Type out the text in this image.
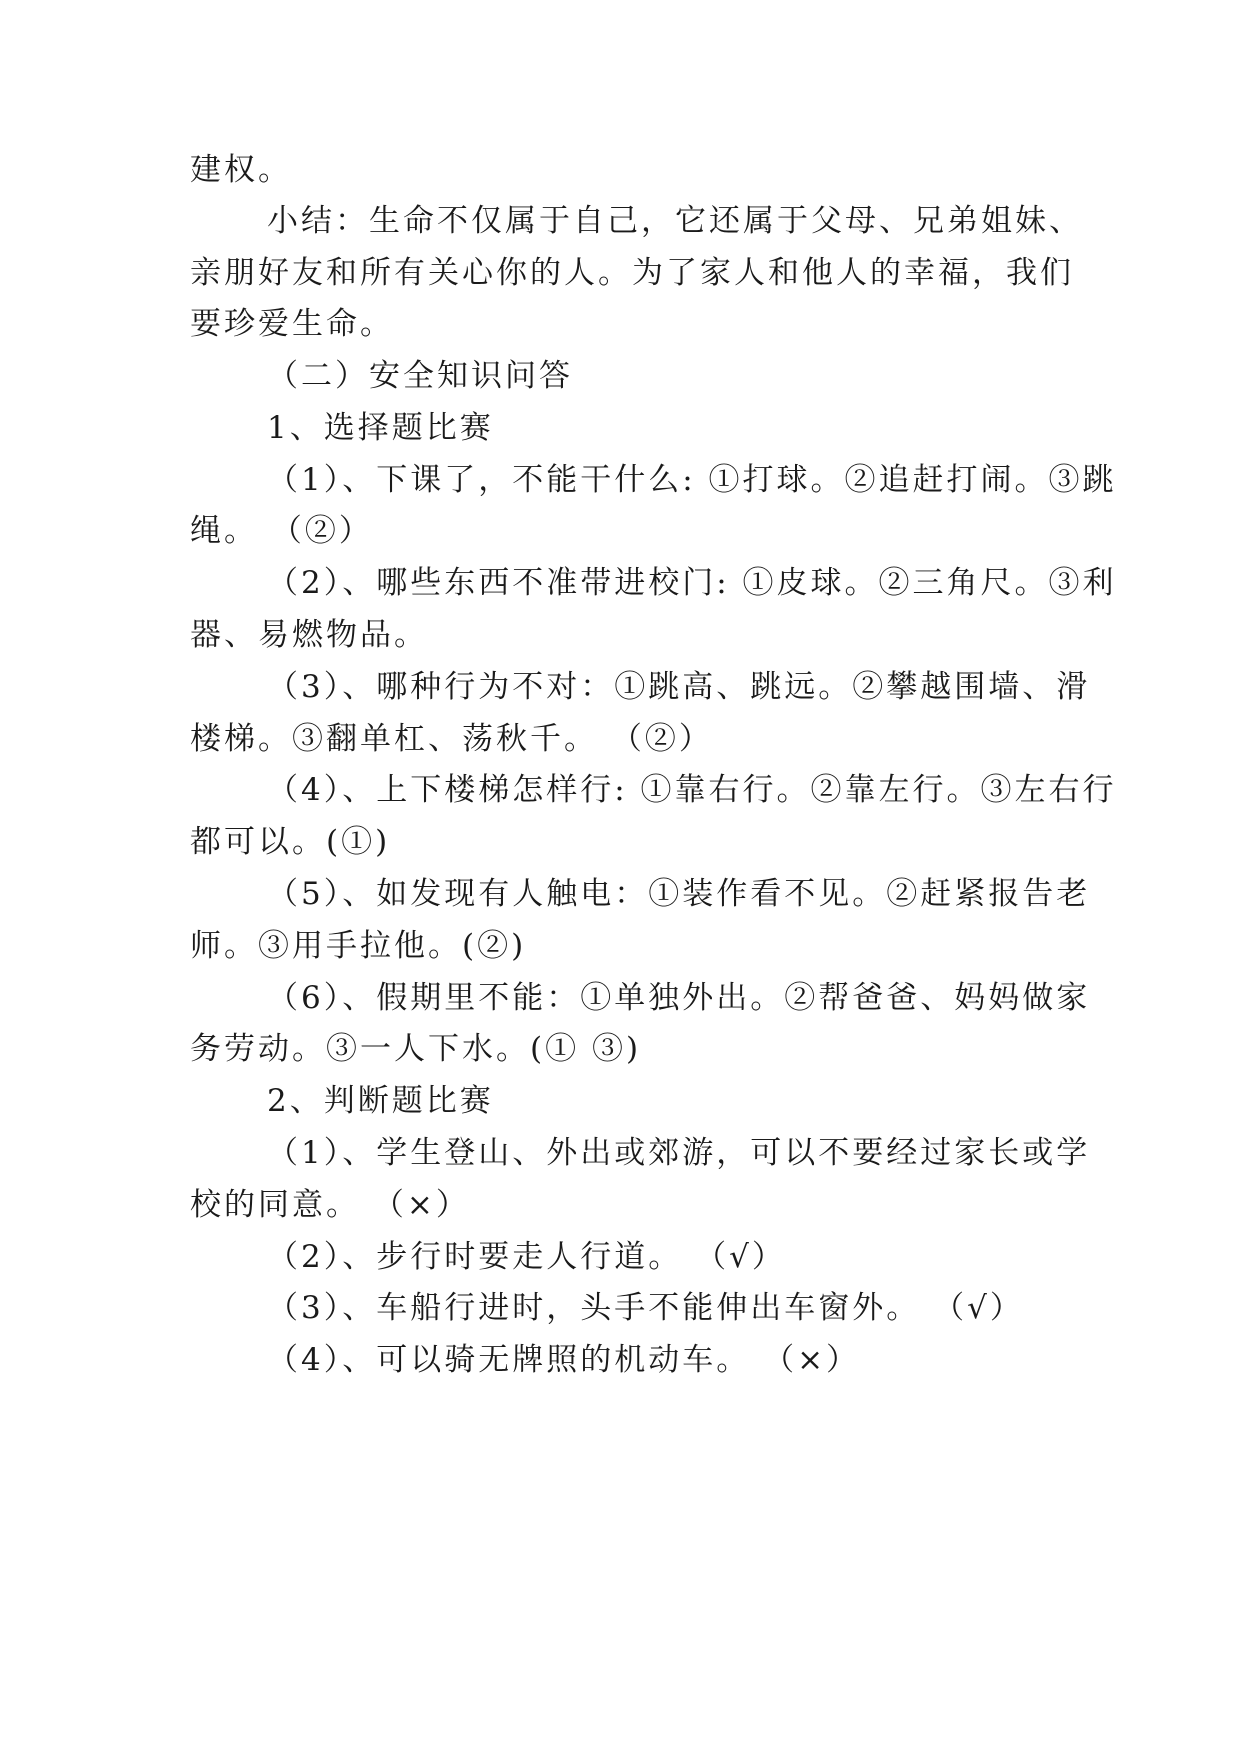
建权。
小结：生命不仅属于自己，它还属于父母、兄弟姐妹、
亲朋好友和所有关心你的人。为了家人和他人的幸福，我们
要珍爱生命。
（二）安全知识问答
1、选择题比赛
（1）、下课了，不能干什么: ①打球。②追赶打闹。③跳
绳。 （②）
（2）、哪些东西不准带进校门: ①皮球。②三角尺。③利
器、易燃物品。
（3）、哪种行为不对：①跳高、跳远。②攀越围墙、滑
楼梯。③翻单杠、荡秋千。 （②）
（4）、上下楼梯怎样行: ①靠右行。②靠左行。③左右行
都可以。(①)
（5）、如发现有人触电：①装作看不见。②赶紧报告老
师。③用手拉他。(②)
（6）、假期里不能：①单独外出。②帮爸爸、妈妈做家
务劳动。③一人下水。(① ③)
2、判断题比赛
（1）、学生登山、外出或郊游，可以不要经过家长或学
校的同意。 （×）
（2）、步行时要走人行道。 （√）
（3）、车船行进时，头手不能伸出车窗外。 （√）
（4）、可以骑无牌照的机动车。 （×）
